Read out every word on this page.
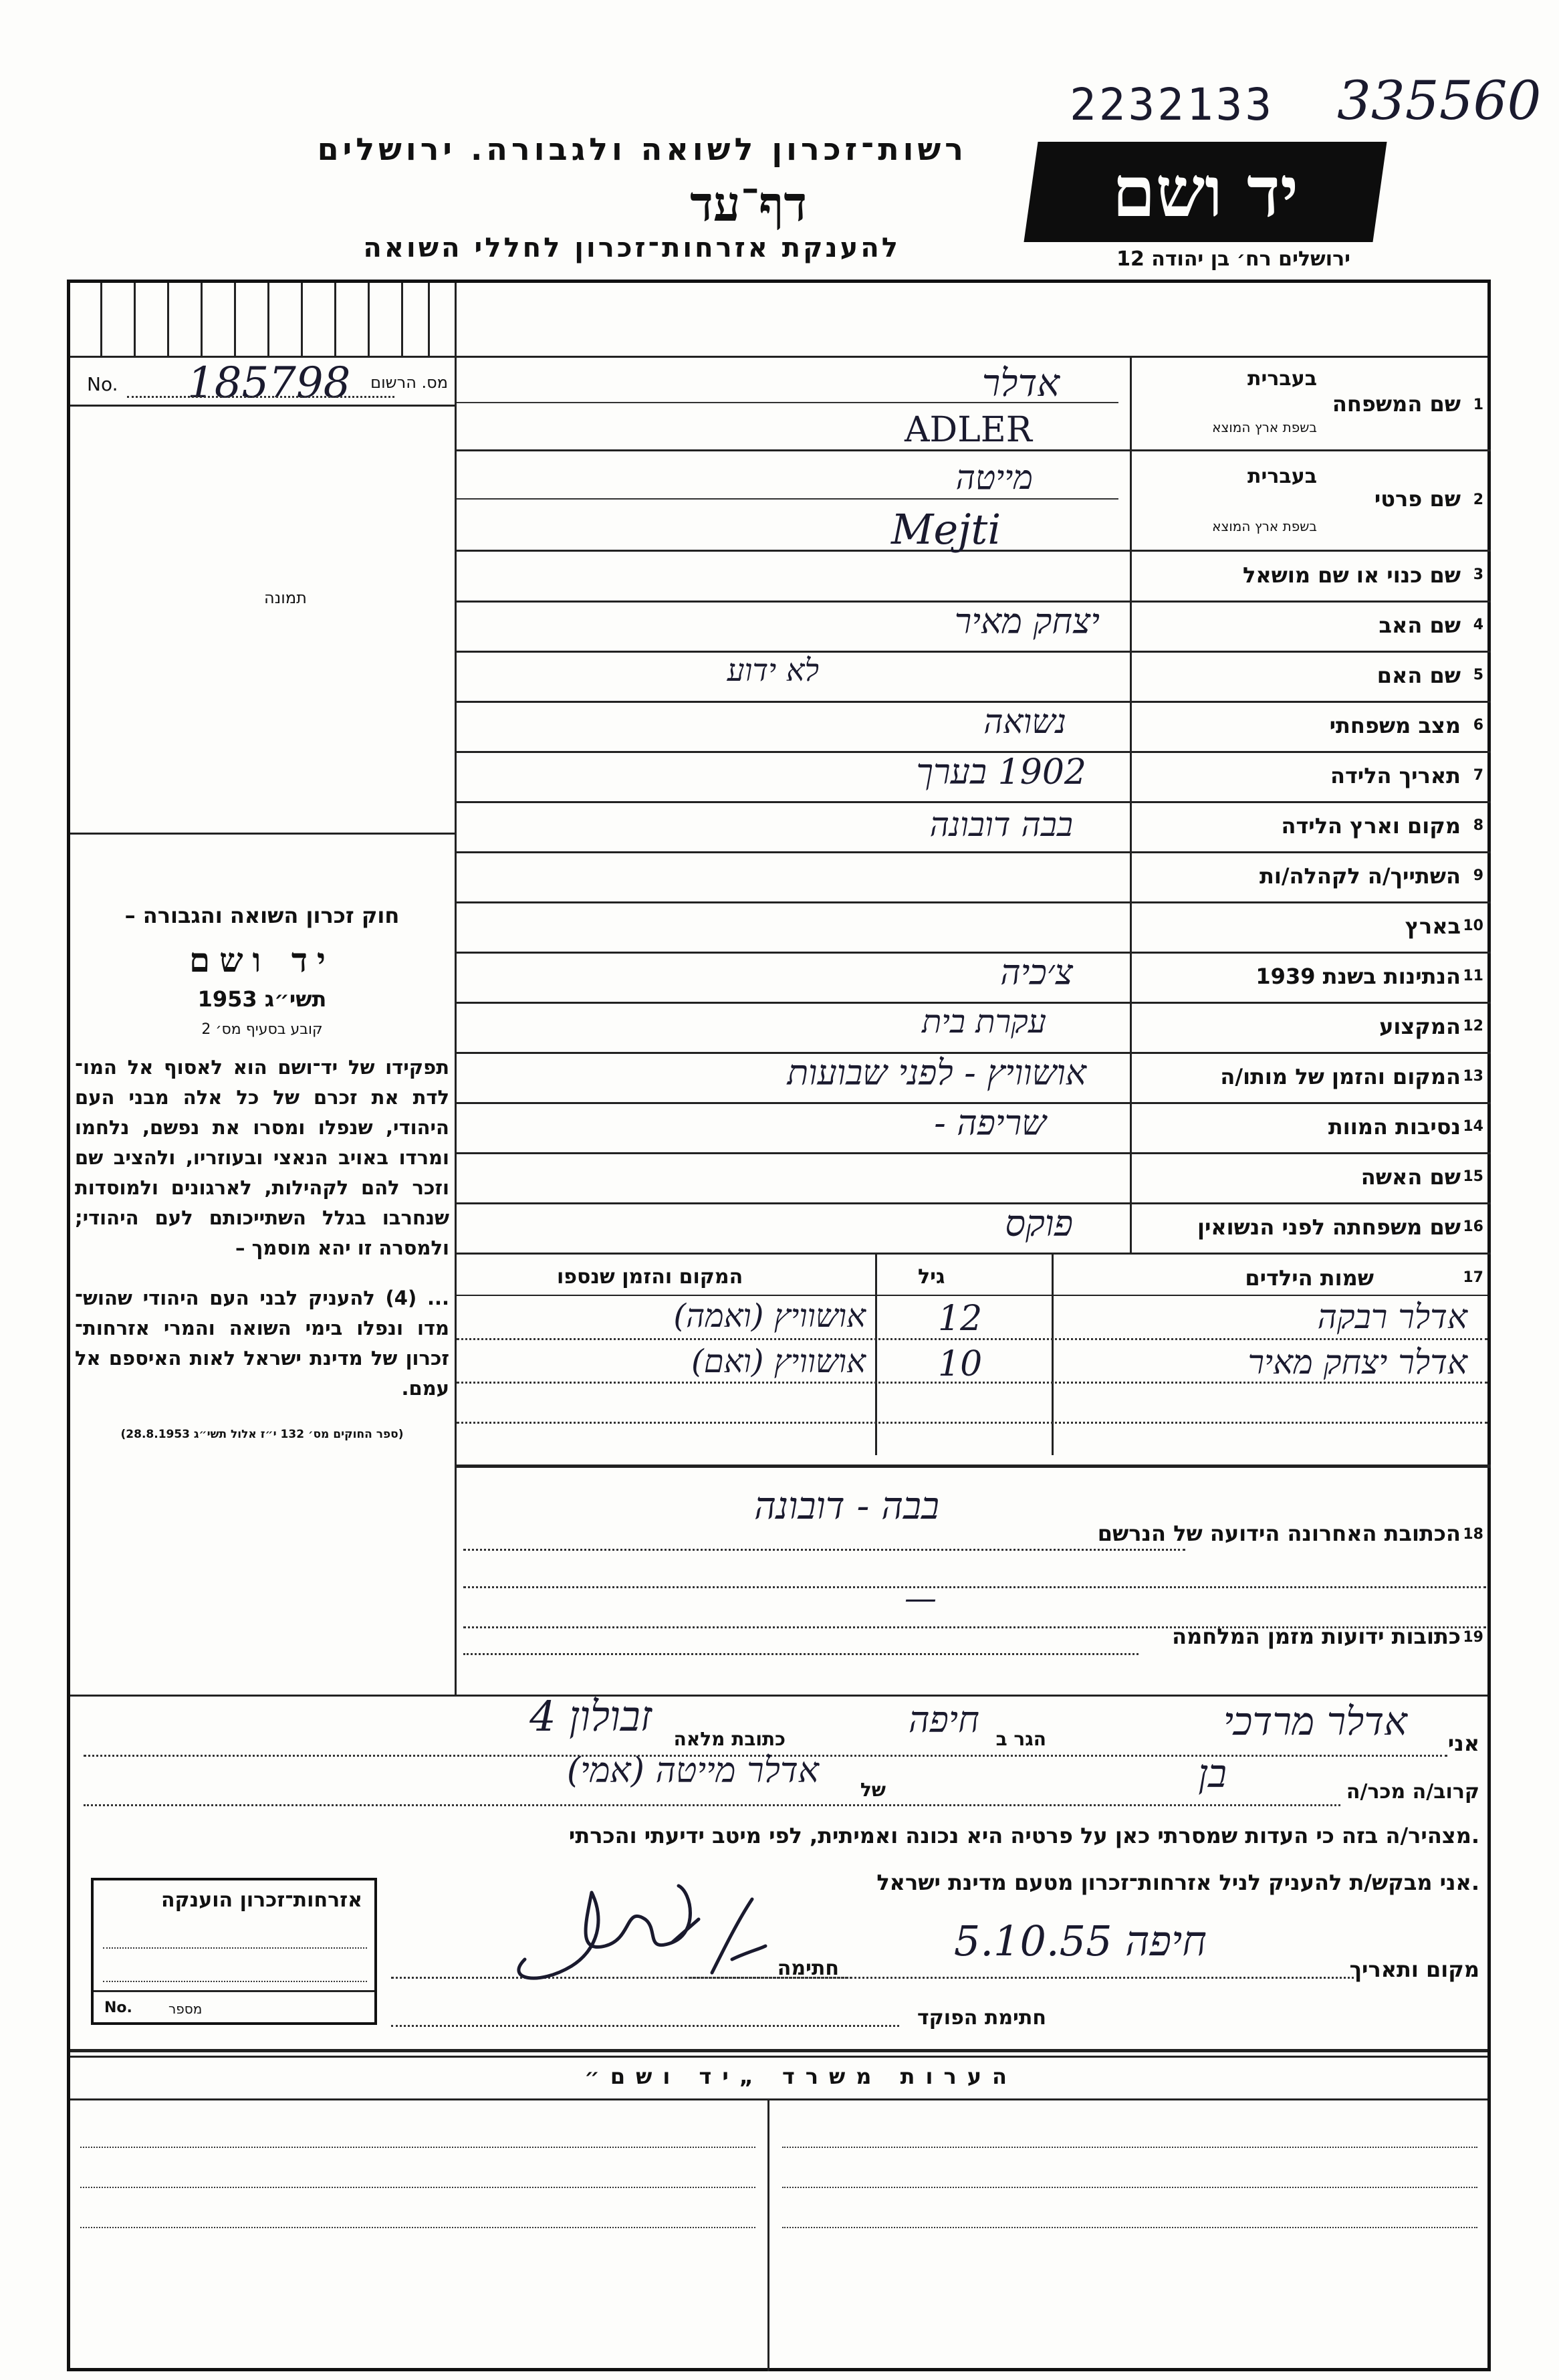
2232133 335560
רשות־זכרון לשואה ולגבורה. ירושלים
דף־עד
להענקת אזרחות־זכרון לחללי השואה
יד ושם
ירושלים רח׳ בן יהודה 12
No. 185798 מס. הרשום
תמונה
חוק זכרון השואה והגבורה –
יד ושם
תשי״ג 1953
קובע בסעיף מס׳ 2
תפקידו של יד־ושם הוא לאסוף אל המו־ לדת את זכרם של כל אלה מבני העם היהודי, שנפלו ומסרו את נפשם, נלחמו ומרדו באויב הנאצי ובעוזריו, ולהציב שם וזכר להם לקהילות, לארגונים ולמוסדות שנחרבו בגלל השתייכותם לעם היהודי; ולמסרה זו יהא מוסמך –
... (4) להעניק לבני העם היהודי שהוש־ מדו ונפלו בימי השואה והמרי אזרחות־ זכרון של מדינת ישראל לאות האיספם אל עמם.
(ספר החוקים מס׳ 132 י״ז אלול תשי״ג 28.8.1953)
1
שם המשפחה
בעברית
בשפת ארץ המוצא
אדלר
ADLER
2
שם פרטי
בעברית
בשפת ארץ המוצא
מייטה
Mejti
3
שם כנוי או שם מושאל
4
שם האב
יצחק מאיר
5
שם האם
לא ידוע
6
מצב משפחתי
נשואה
7
תאריך הלידה
1902 בערך
8
מקום וארץ הלידה
בבה דובונה
9
השתייך/ה לקהלה/ות
10
בארץ
11
הנתינות בשנת 1939
צ׳כיה
12
המקצוע
עקרת בית
13
המקום והזמן של מותו/ה
אושוויץ - לפני שבועות
14
נסיבות המוות
שריפה -
15
שם האשה
16
שם משפחתה לפני הנשואין
פוקס
17
שמות הילדים
גיל
המקום והזמן שנספו
אדלר רבקה
12
אושוויץ (ואמה)
אדלר יצחק מאיר
10
אושוויץ (ואם)
18
הכתובת האחרונה הידועה של הנרשם
בבה - דובונה
—
19
כתובות ידועות מזמן המלחמה
אני
אדלר מרדכי
הגר ב
חיפה
כתובת מלאה
זבולון 4
קרוב/ה מכר/ה
בן
של
אדלר מייטה (אמי)
מצהיר/ה בזה כי העדות שמסרתי כאן על פרטיה היא נכונה ואמיתית, לפי מיטב ידיעתי והכרתי.
אני מבקש/ת להעניק לניל אזרחות־זכרון מטעם מדינת ישראל.
מקום ותאריך
חיפה 5.10.55
חתימה
חתימת הפוקד
אזרחות־זכרון הוענקה
No.	מספר
הערות משרד „יד ושם״
